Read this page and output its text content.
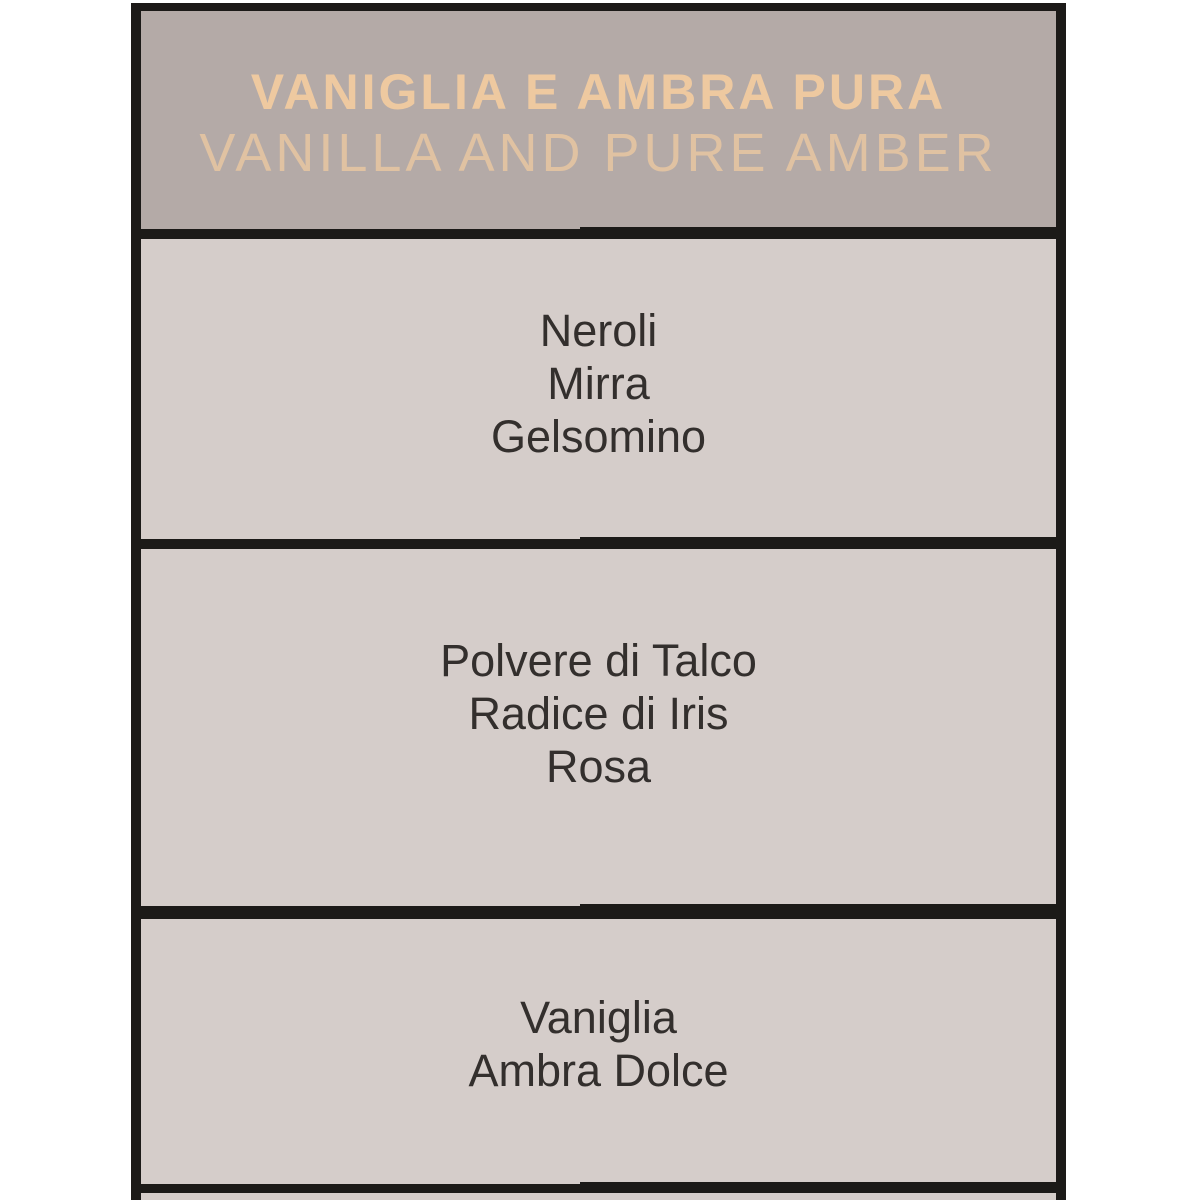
VANIGLIA E AMBRA PURA
VANILLA AND PURE AMBER
Neroli
Mirra
Gelsomino
Polvere di Talco
Radice di Iris
Rosa
Vaniglia
Ambra Dolce
